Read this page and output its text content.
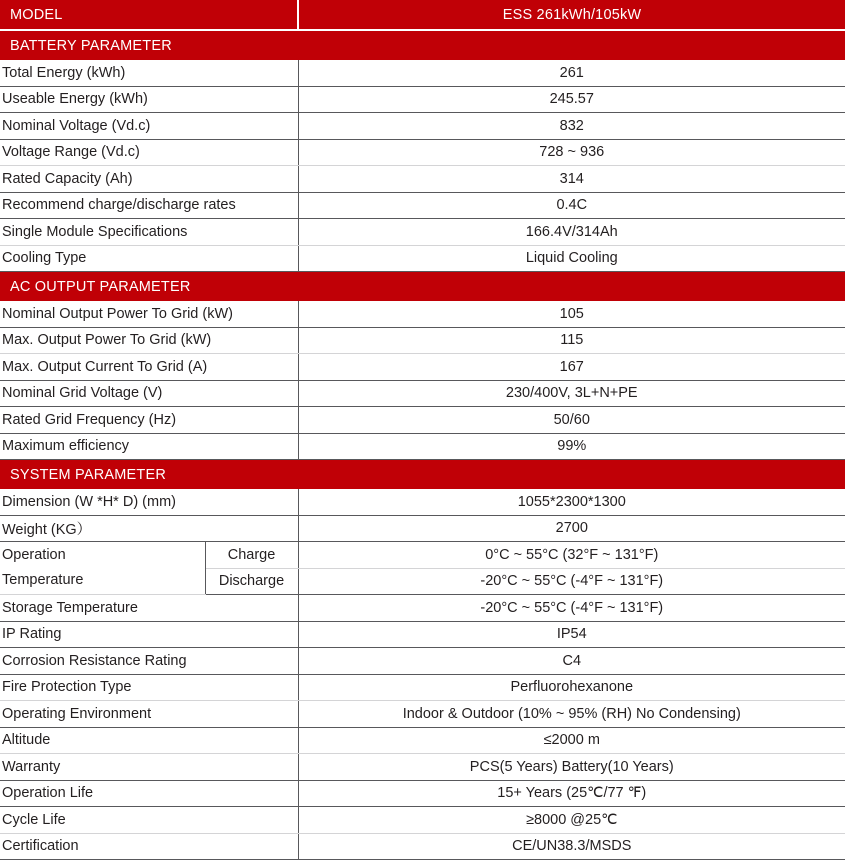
MODEL		ESS 261kWh/105kW
BATTERY PARAMETER		
Total Energy (kWh)		261
Useable Energy (kWh)		245.57
Nominal Voltage (Vd.c)		832
Voltage Range (Vd.c)		728 ~ 936
Rated Capacity (Ah)		314
Recommend charge/discharge rates		0.4C
Single Module Specifications		166.4V/314Ah
Cooling Type		Liquid Cooling
AC OUTPUT PARAMETER		
Nominal Output Power To Grid (kW)		105
Max. Output Power To Grid (kW)		115
Max. Output Current To Grid (A)		167
Nominal Grid Voltage (V)		230/400V, 3L+N+PE
Rated Grid Frequency (Hz)		50/60
Maximum efficiency		99%
SYSTEM PARAMETER		
Dimension (W *H* D) (mm)		1055*2300*1300
Weight (KG）		2700
Operation
Temperature	Charge	0°C ~ 55°C (32°F ~ 131°F)
	Discharge	-20°C ~ 55°C (-4°F ~ 131°F)
Storage Temperature		-20°C ~ 55°C (-4°F ~ 131°F)
IP Rating		IP54
Corrosion Resistance Rating		C4
Fire Protection Type		Perfluorohexanone
Operating Environment		Indoor & Outdoor (10% ~ 95% (RH) No Condensing)
Altitude		≤2000 m
Warranty		PCS(5 Years) Battery(10 Years)
Operation Life		15+ Years (25℃/77 ℉)
Cycle Life		≥8000 @25℃
Certification		CE/UN38.3/MSDS
